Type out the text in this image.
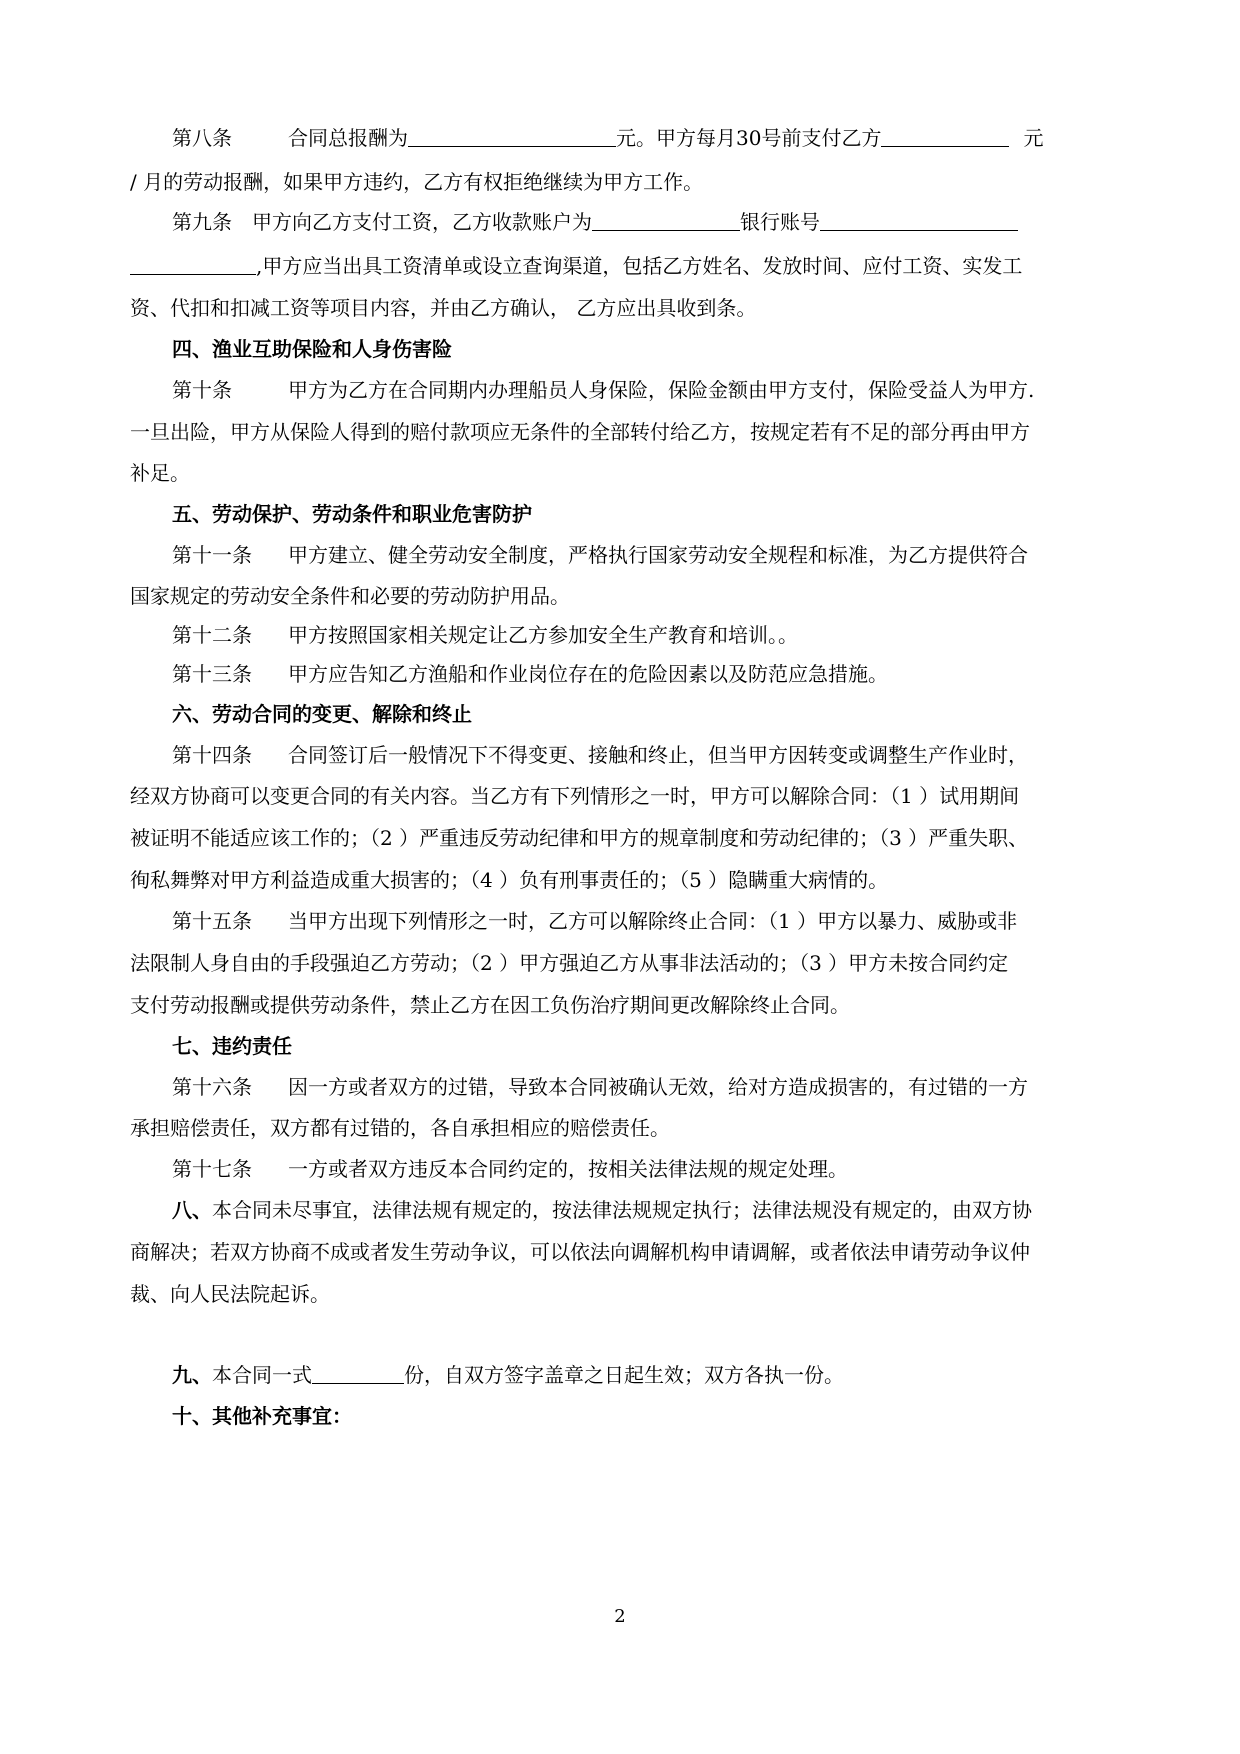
第八条	合同总报酬为	元。甲方每月30号前支付乙方	元
/ 月的劳动报酬，如果甲方违约，乙方有权拒绝继续为甲方工作。
第九条 甲方向乙方支付工资，乙方收款账户为	银行账号
,甲方应当出具工资清单或设立查询渠道，包括乙方姓名、发放时间、应付工资、实发工
资、代扣和扣减工资等项目内容，并由乙方确认， 乙方应出具收到条。
四、渔业互助保险和人身伤害险
第十条	甲方为乙方在合同期内办理船员人身保险，保险金额由甲方支付，保险受益人为甲方.
一旦出险，甲方从保险人得到的赔付款项应无条件的全部转付给乙方，按规定若有不足的部分再由甲方
补足。
五、劳动保护、劳动条件和职业危害防护
第十一条 甲方建立、健全劳动安全制度，严格执行国家劳动安全规程和标准，为乙方提供符合
国家规定的劳动安全条件和必要的劳动防护用品。
第十二条 甲方按照国家相关规定让乙方参加安全生产教育和培训。。
第十三条 甲方应告知乙方渔船和作业岗位存在的危险因素以及防范应急措施。
六、劳动合同的变更、解除和终止
第十四条 合同签订后一般情况下不得变更、接触和终止，但当甲方因转变或调整生产作业时，
经双方协商可以变更合同的有关内容。当乙方有下列情形之一时，甲方可以解除合同：（1 ）试用期间
被证明不能适应该工作的；（2 ）严重违反劳动纪律和甲方的规章制度和劳动纪律的；（3 ）严重失职、
徇私舞弊对甲方利益造成重大损害的；（4 ）负有刑事责任的；（5 ）隐瞒重大病情的。
第十五条 当甲方出现下列情形之一时，乙方可以解除终止合同：（1 ）甲方以暴力、威胁或非
法限制人身自由的手段强迫乙方劳动；（2 ）甲方强迫乙方从事非法活动的；（3 ）甲方未按合同约定
支付劳动报酬或提供劳动条件，禁止乙方在因工负伤治疗期间更改解除终止合同。
七、违约责任
第十六条 因一方或者双方的过错，导致本合同被确认无效，给对方造成损害的，有过错的一方
承担赔偿责任，双方都有过错的，各自承担相应的赔偿责任。
第十七条 一方或者双方违反本合同约定的，按相关法律法规的规定处理。
八、本合同未尽事宜，法律法规有规定的，按法律法规规定执行；法律法规没有规定的，由双方协
商解决；若双方协商不成或者发生劳动争议，可以依法向调解机构申请调解，或者依法申请劳动争议仲
裁、向人民法院起诉。
九、本合同一式	份，自双方签字盖章之日起生效；双方各执一份。
十、其他补充事宜：
2
